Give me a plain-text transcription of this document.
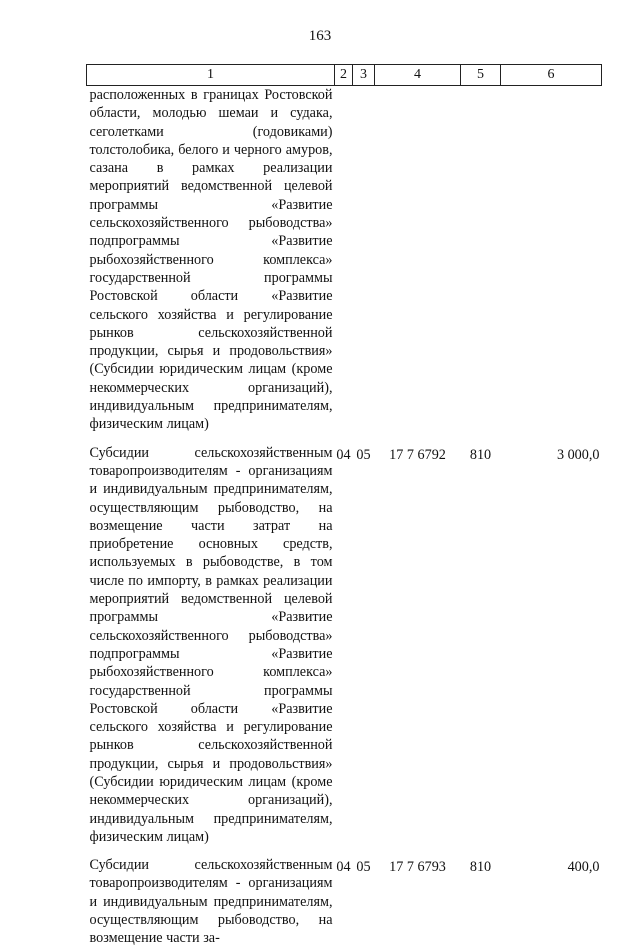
163
1	2	3	4	5	6
расположенных в границах Ростовской области, молодью шемаи и судака, сеголетками (годовиками) толстолобика, белого и черного амуров, сазана в рамках реализации мероприятий ведомственной целевой программы «Развитие сельскохозяйственного рыбоводства» подпрограммы «Развитие рыбохозяйственного комплекса» государственной программы Ростовской области «Развитие сельского хозяйства и регулирование рынков сельскохозяйственной продукции, сырья и продовольствия» (Субсидии юридическим лицам (кроме некоммерческих организаций), индивидуальным предпринимателям, физическим лицам)					

Субсидии сельскохозяйственным товаропроизводителям - организациям и индивидуальным предпринимателям, осуществляющим рыбоводство, на возмещение части затрат на приобретение основных средств, используемых в рыбоводстве, в том числе по импорту, в рамках реализации мероприятий ведомственной целевой программы «Развитие сельскохозяйственного рыбоводства» подпрограммы «Развитие рыбохозяйственного комплекса» государственной программы Ростовской области «Развитие сельского хозяйства и регулирование рынков сельскохозяйственной продукции, сырья и продовольствия» (Субсидии юридическим лицам (кроме некоммерческих организаций), индивидуальным предпринимателям, физическим лицам)	04	05	17 7 6792	810	3 000,0

Субсидии сельскохозяйственным товаропроизводителям - организациям и индивидуальным предпринимателям, осуществляющим рыбоводство, на возмещение части за-	04	05	17 7 6793	810	400,0
